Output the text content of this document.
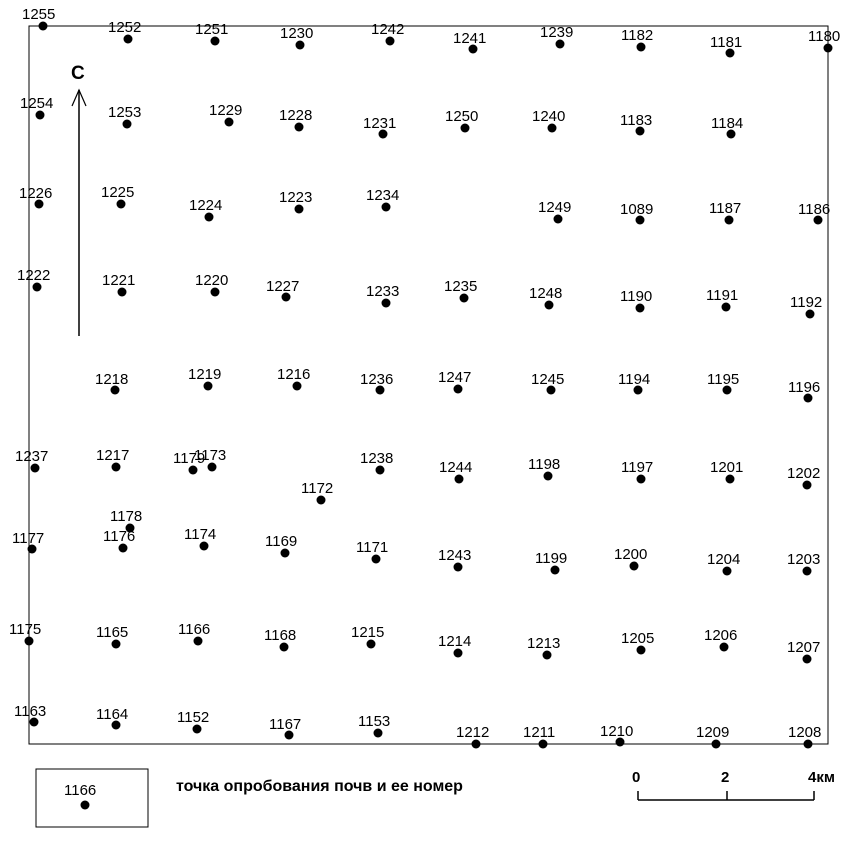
С
1255
1252	1251	1230	1242
1241	1239	1182	1181	1180
1254
1253	1229 1228	1231	1250	1240	1183	1184
1226	1225
1224	1223	1234
1249	1089	1187	1186
1222	1221	1220	1227	1233	1235	1248	1190	1191	1192
1218	1219	1216	1236	1247	1245	1194	1195	1196
1237	1217	1179
1173	1238
1244	1198	1197	1201	1202
1172
1178
1177	1176	1174	1169	1171	1243	1199	1200	1204	1203
1175	1165	1166	1168	1215
1214	1213	1205	1206
1207
1163	1164	1152	1167	1153
1212 1211	1210	1209	1208
1166	точка опробования почв и ее номер
0	2	4км
